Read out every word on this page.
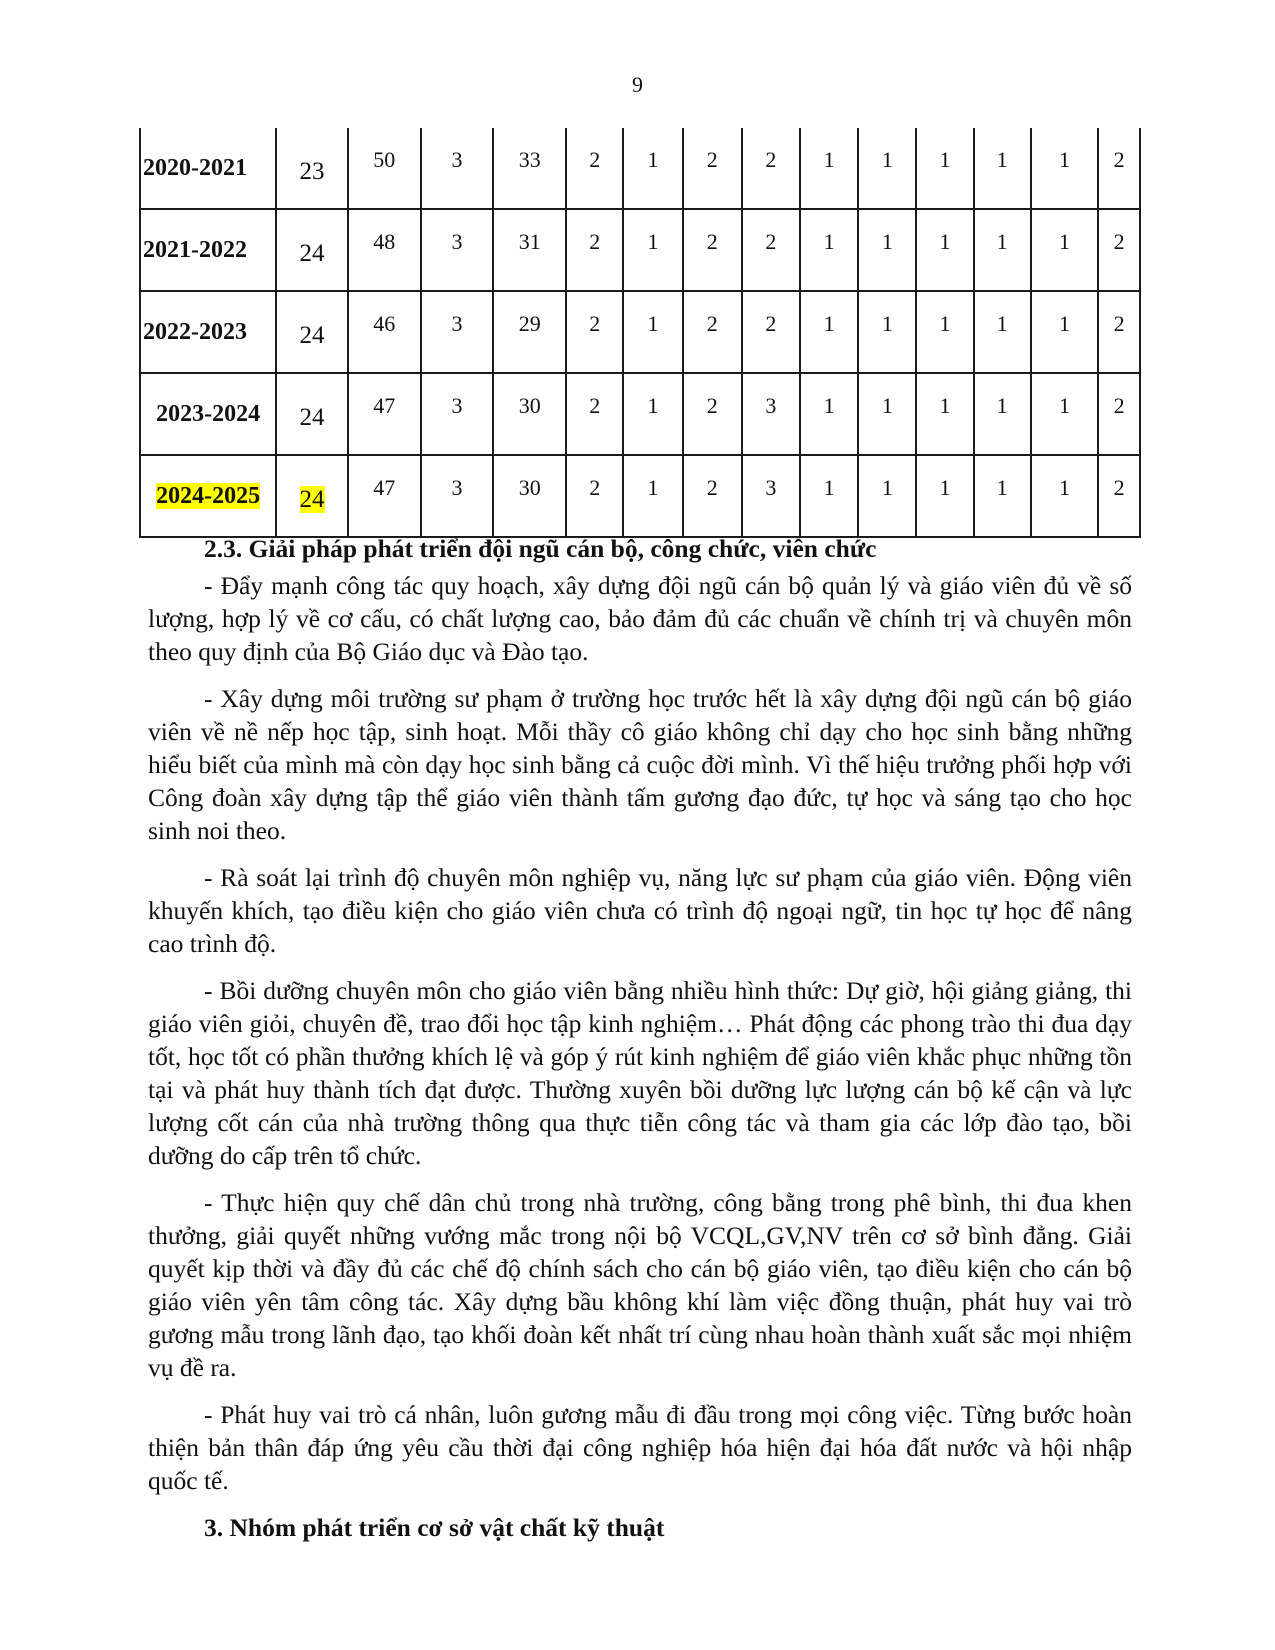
9
2020-2021	23	50	3	33	2	1	2	2	1	1	1	1	1	2
2021-2022	24	48	3	31	2	1	2	2	1	1	1	1	1	2
2022-2023	24	46	3	29	2	1	2	2	1	1	1	1	1	2
2023-2024	24	47	3	30	2	1	2	3	1	1	1	1	1	2
2024-2025	24	47	3	30	2	1	2	3	1	1	1	1	1	2
2.3. Giải pháp phát triển đội ngũ cán bộ, công chức, viên chức

- Đẩy mạnh công tác quy hoạch, xây dựng đội ngũ cán bộ quản lý và giáo viên đủ về số lượng, hợp lý về cơ cấu, có chất lượng cao, bảo đảm đủ các chuẩn về chính trị và chuyên môn theo quy định của Bộ Giáo dục và Đào tạo.

- Xây dựng môi trường sư phạm ở trường học trước hết là xây dựng đội ngũ cán bộ giáo viên về nề nếp học tập, sinh hoạt. Mỗi thầy cô giáo không chỉ dạy cho học sinh bằng những hiểu biết của mình mà còn dạy học sinh bằng cả cuộc đời mình. Vì thế hiệu trưởng phối hợp với Công đoàn xây dựng tập thể giáo viên thành tấm gương đạo đức, tự học và sáng tạo cho học sinh noi theo.

- Rà soát lại trình độ chuyên môn nghiệp vụ, năng lực sư phạm của giáo viên. Động viên khuyến khích, tạo điều kiện cho giáo viên chưa có trình độ ngoại ngữ, tin học tự học để nâng cao trình độ.

- Bồi dưỡng chuyên môn cho giáo viên bằng nhiều hình thức: Dự giờ, hội giảng giảng, thi giáo viên giỏi, chuyên đề, trao đổi học tập kinh nghiệm… Phát động các phong trào thi đua dạy tốt, học tốt có phần thưởng khích lệ và góp ý rút kinh nghiệm để giáo viên khắc phục những tồn tại và phát huy thành tích đạt được. Thường xuyên bồi dưỡng lực lượng cán bộ kế cận và lực lượng cốt cán của nhà trường thông qua thực tiễn công tác và tham gia các lớp đào tạo, bồi dưỡng do cấp trên tổ chức.

- Thực hiện quy chế dân chủ trong nhà trường, công bằng trong phê bình, thi đua khen thưởng, giải quyết những vướng mắc trong nội bộ VCQL,GV,NV trên cơ sở bình đẳng. Giải quyết kịp thời và đầy đủ các chế độ chính sách cho cán bộ giáo viên, tạo điều kiện cho cán bộ giáo viên yên tâm công tác. Xây dựng bầu không khí làm việc đồng thuận, phát huy vai trò gương mẫu trong lãnh đạo, tạo khối đoàn kết nhất trí cùng nhau hoàn thành xuất sắc mọi nhiệm vụ đề ra.

- Phát huy vai trò cá nhân, luôn gương mẫu đi đầu trong mọi công việc. Từng bước hoàn thiện bản thân đáp ứng yêu cầu thời đại công nghiệp hóa hiện đại hóa đất nước và hội nhập quốc tế.

3. Nhóm phát triển cơ sở vật chất kỹ thuật
